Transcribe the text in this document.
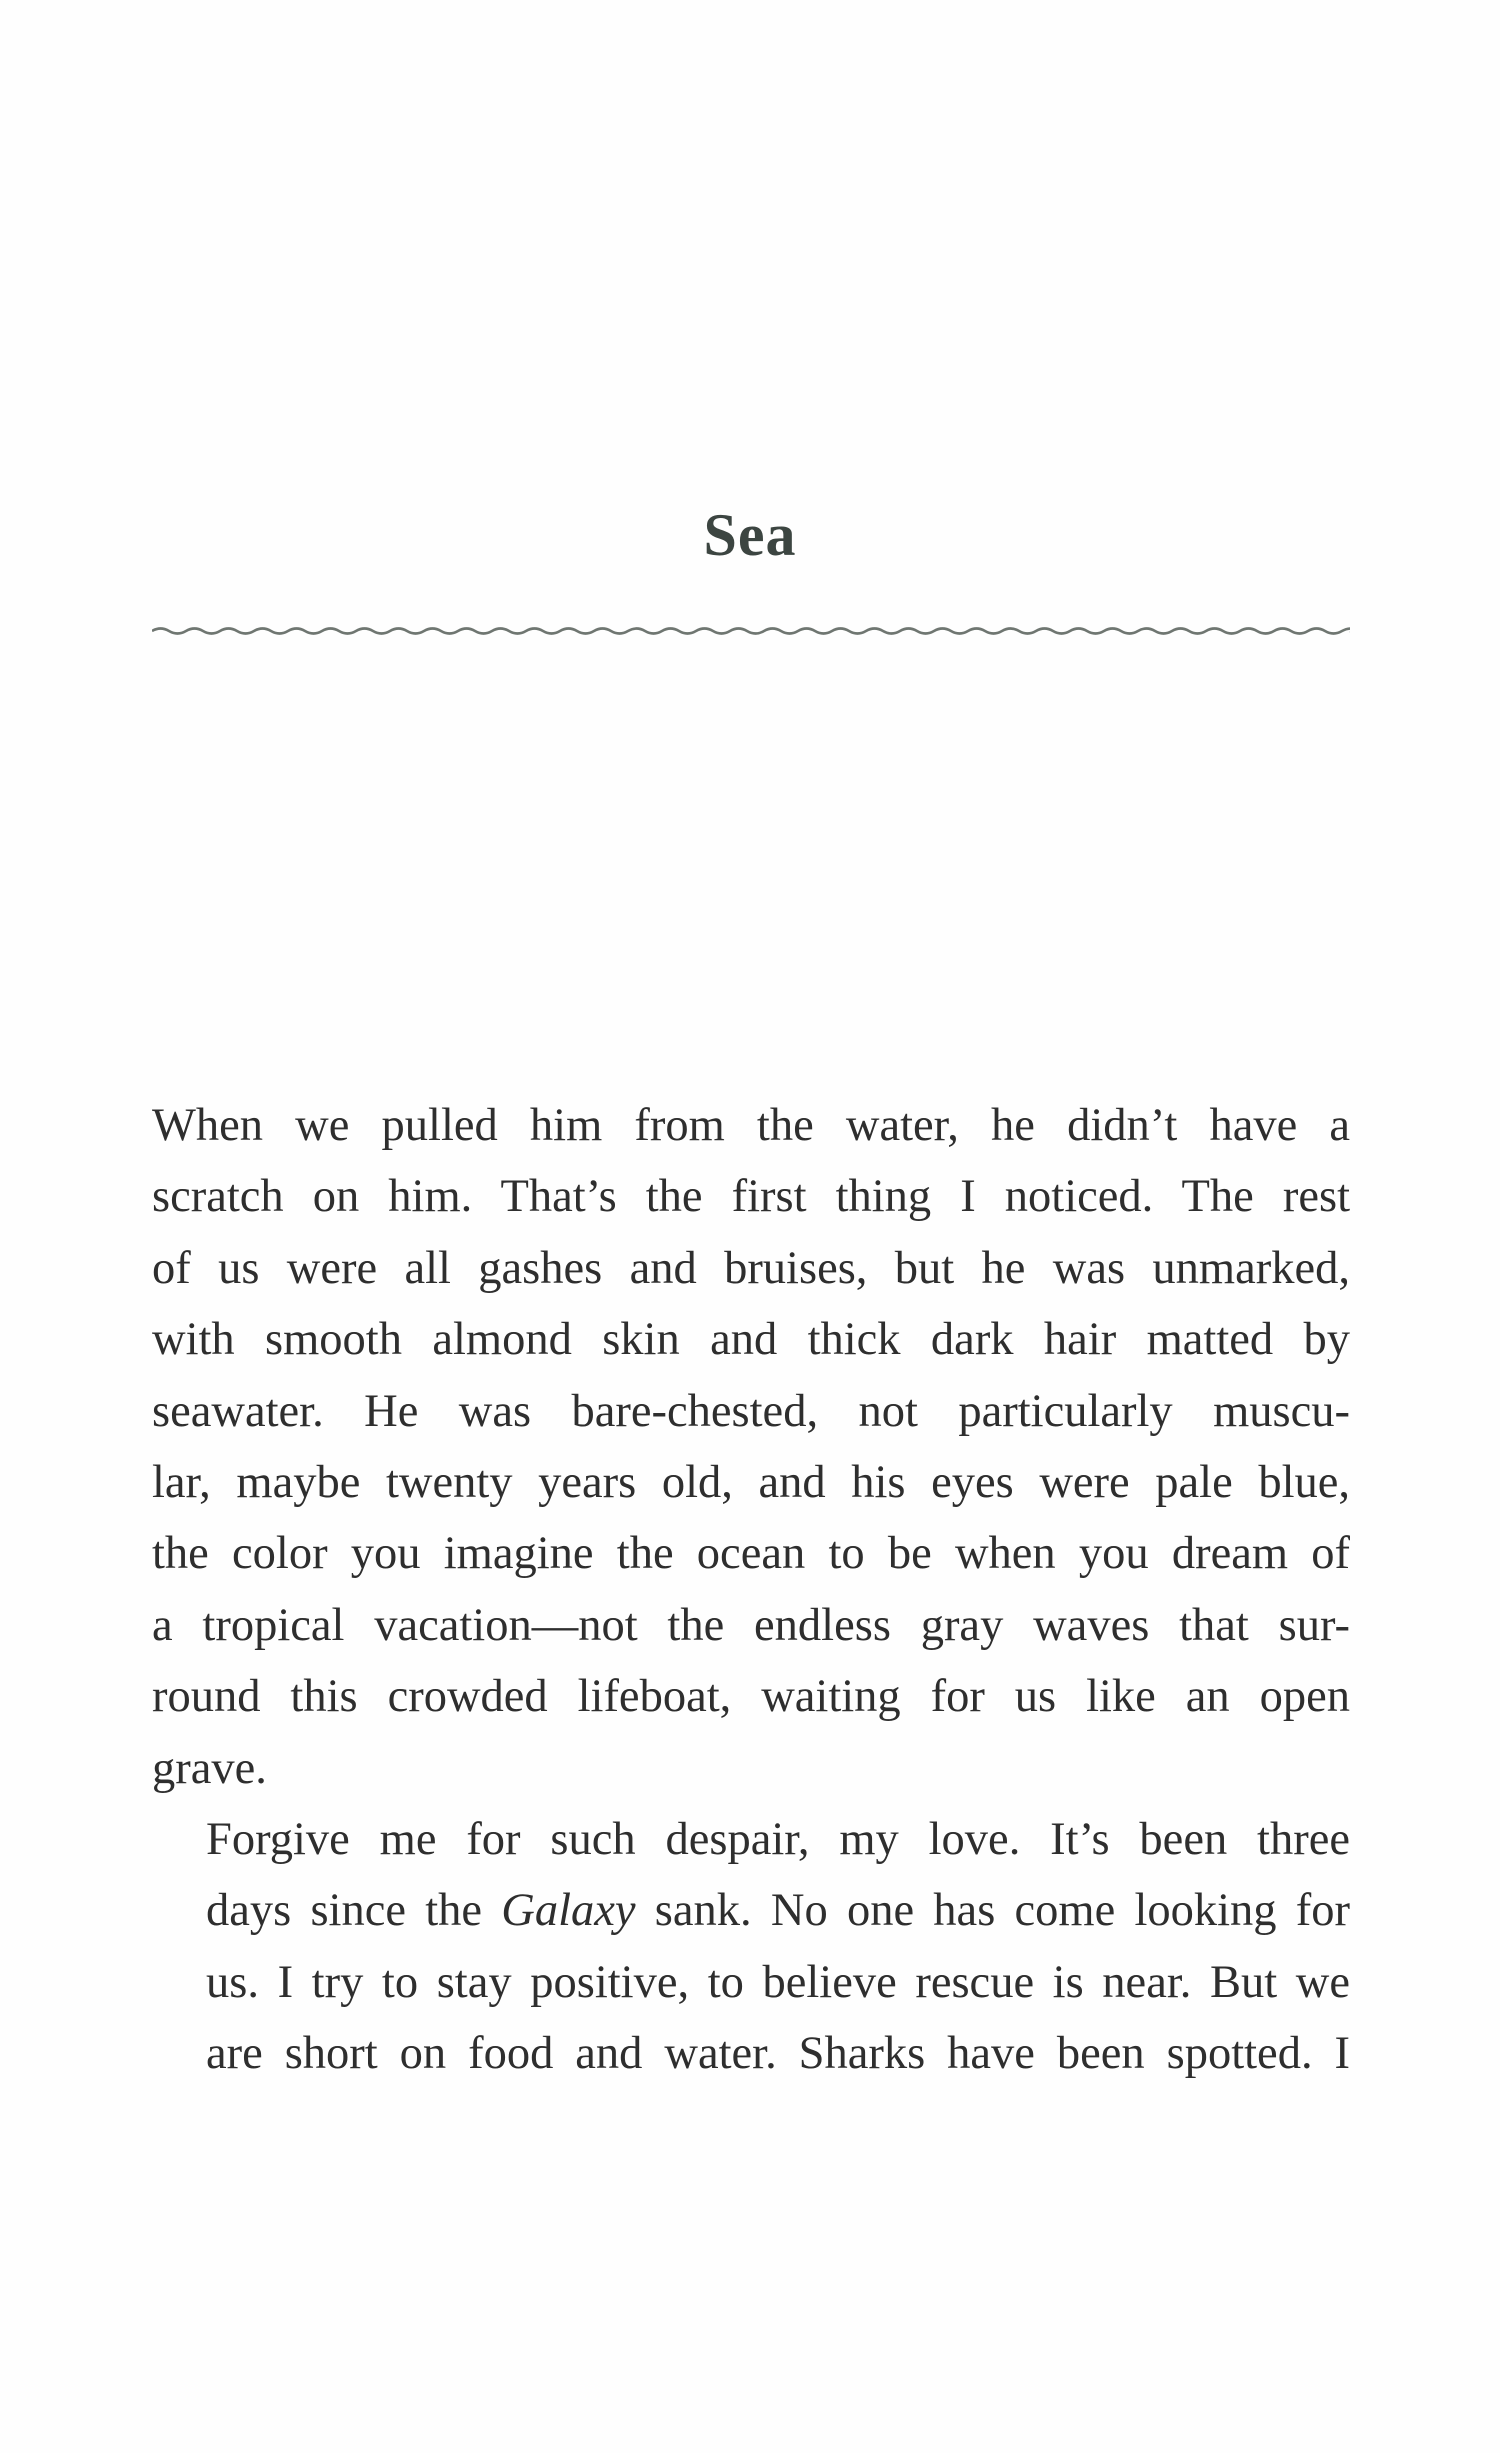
Sea

When we pulled him from the water, he didn’t have a
scratch on him. That’s the first thing I noticed. The rest
of us were all gashes and bruises, but he was unmarked,
with smooth almond skin and thick dark hair matted by
seawater. He was bare-chested, not particularly muscu-
lar, maybe twenty years old, and his eyes were pale blue,
the color you imagine the ocean to be when you dream of
a tropical vacation—not the endless gray waves that sur-
round this crowded lifeboat, waiting for us like an open
grave.

Forgive me for such despair, my love. It’s been three
days since the Galaxy sank. No one has come looking for
us. I try to stay positive, to believe rescue is near. But we
are short on food and water. Sharks have been spotted. I
